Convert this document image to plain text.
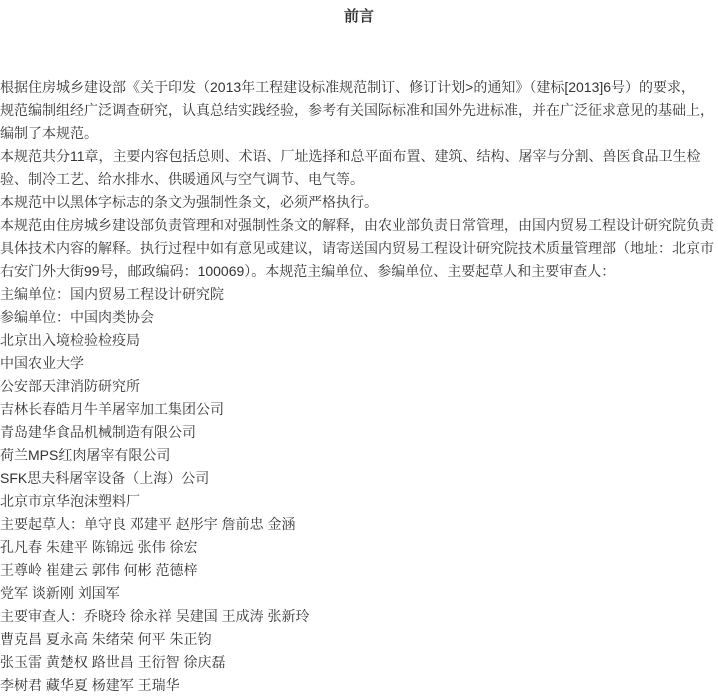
前言
根据住房城乡建设部《关于印发（2013年工程建设标准规范制订、修订计划>的通知》（建标[2013]6号）的要求，
规范编制组经广泛调查研究，认真总结实践经验，参考有关国际标准和国外先进标准，并在广泛征求意见的基础上，
编制了本规范。
本规范共分11章，主要内容包括总则、术语、厂址选择和总平面布置、建筑、结构、屠宰与分割、兽医食品卫生检
验、制冷工艺、给水排水、供暖通风与空气调节、电气等。
本规范中以黑体字标志的条文为强制性条文，必须严格执行。
本规范由住房城乡建设部负责管理和对强制性条文的解释，由农业部负责日常管理，由国内贸易工程设计研究院负责
具体技术内容的解释。执行过程中如有意见或建议，请寄送国内贸易工程设计研究院技术质量管理部（地址：北京市
右安门外大街99号，邮政编码：100069）。本规范主编单位、参编单位、主要起草人和主要审查人：
主编单位：国内贸易工程设计研究院
参编单位：中国肉类协会
北京出入境检验检疫局
中国农业大学
公安部天津消防研究所
吉林长春皓月牛羊屠宰加工集团公司
青岛建华食品机械制造有限公司
荷兰MPS红肉屠宰有限公司
SFK思夫科屠宰设备（上海）公司
北京市京华泡沫塑料厂
主要起草人：单守良 邓建平 赵彤宇 詹前忠 金涵
孔凡春 朱建平 陈锦远 张伟 徐宏
王尊岭 崔建云 郭伟 何彬 范德梓
党军 谈新刚 刘国军
主要审查人：乔晓玲 徐永祥 吴建国 王成涛 张新玲
曹克昌 夏永高 朱绪荣 何平 朱正钧
张玉雷 黄楚权 路世昌 王衍智 徐庆磊
李树君 藏华夏 杨建军 王瑞华
